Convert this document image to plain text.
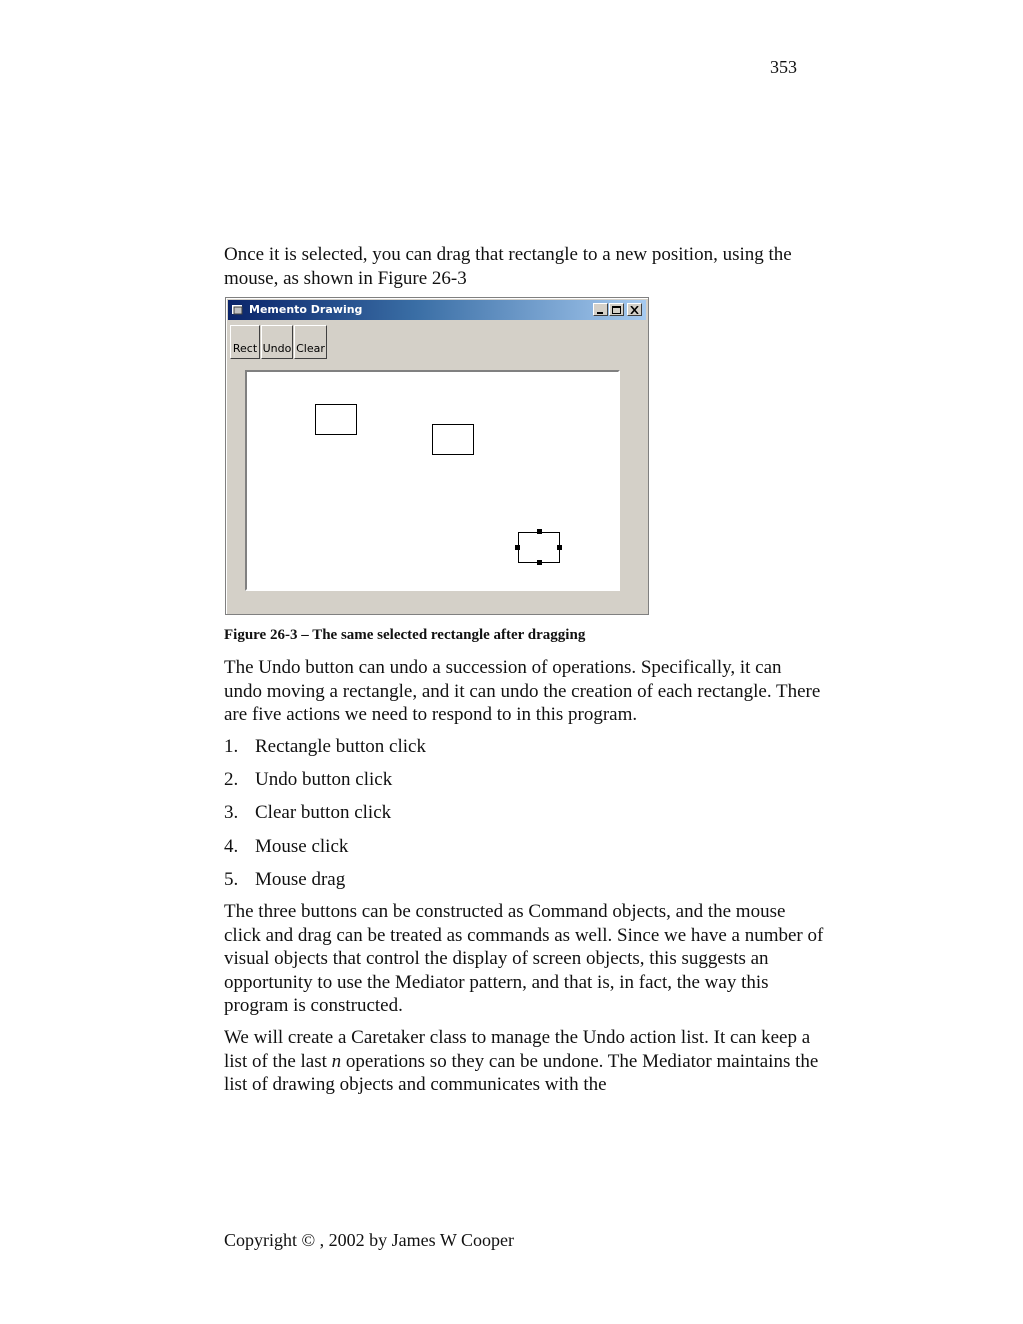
353

Once it is selected, you can drag that rectangle to a new position, using the mouse, as shown in Figure 26-3

Memento Drawing
Rect Undo Clear
Figure 26-3 – The same selected rectangle after dragging

The Undo button can undo a succession of operations. Specifically, it can undo moving a rectangle, and it can undo the creation of each rectangle. There are five actions we need to respond to in this program.

1. Rectangle button click
2. Undo button click
3. Clear button click
4. Mouse click
5. Mouse drag

The three buttons can be constructed as Command objects, and the mouse click and drag can be treated as commands as well. Since we have a number of visual objects that control the display of screen objects, this suggests an opportunity to use the Mediator pattern, and that is, in fact, the way this program is constructed.

We will create a Caretaker class to manage the Undo action list. It can keep a list of the last n operations so they can be undone. The Mediator maintains the list of drawing objects and communicates with the

Copyright © , 2002 by James W Cooper
